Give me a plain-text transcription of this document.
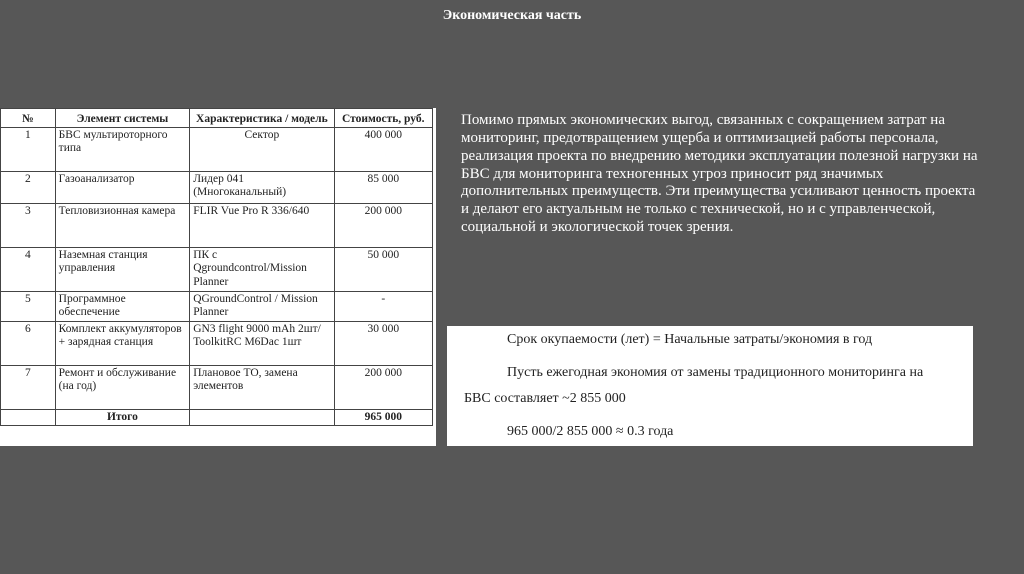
Экономическая часть
№	Элемент системы	Характеристика / модель	Стоимость, руб.
1	БВС мультироторного типа	Сектор	400 000
2	Газоанализатор	Лидер 041 (Многоканальный)	85 000
3	Тепловизионная камера	FLIR Vue Pro R 336/640	200 000
4	Наземная станция управления	ПК с Qgroundcontrol/Mission Planner	50 000
5	Программное обеспечение	QGroundControl / Mission Planner	-
6	Комплект аккумуляторов + зарядная станция	GN3 flight 9000 mAh 2шт/ ToolkitRC M6Dac 1шт	30 000
7	Ремонт и обслуживание (на год)	Плановое ТО, замена элементов	200 000
	Итого		965 000
Помимо прямых экономических выгод, связанных с сокращением затрат на мониторинг, предотвращением ущерба и оптимизацией работы персонала, реализация проекта по внедрению методики эксплуатации полезной нагрузки на БВС для мониторинга техногенных угроз приносит ряд значимых дополнительных преимуществ. Эти преимущества усиливают ценность проекта и делают его актуальным не только с технической, но и с управленческой, социальной и экологической точек зрения.
Срок окупаемости (лет) = Начальные затраты/экономия в год
Пусть ежегодная экономия от замены традиционного мониторинга на
БВС составляет ~2 855 000
965 000/2 855 000 ≈ 0.3 года
